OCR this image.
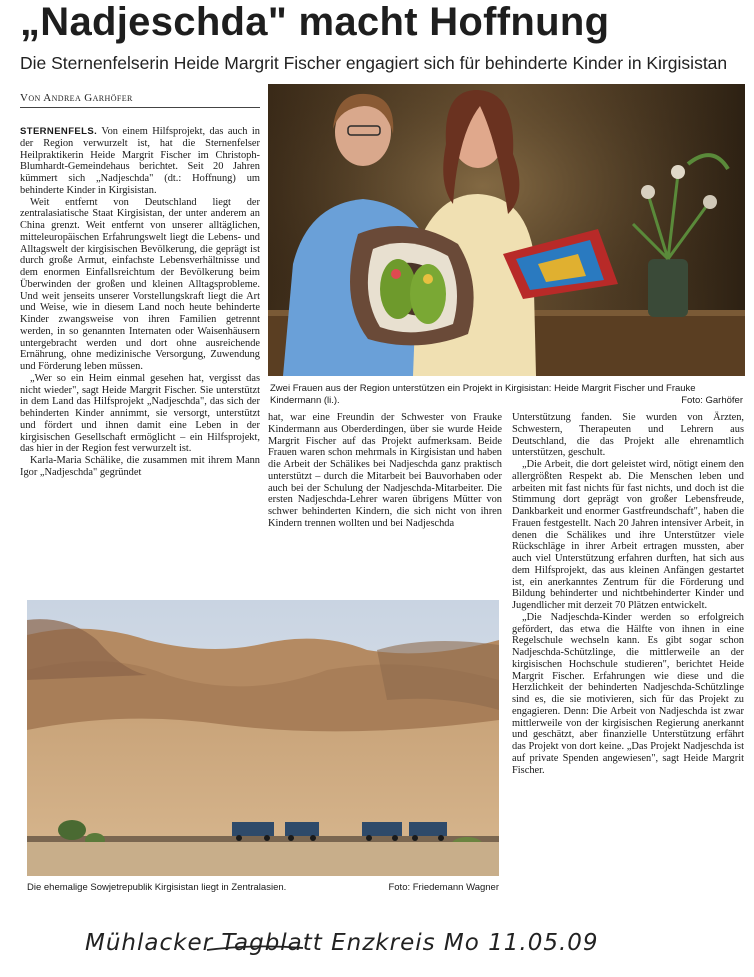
„Nadjeschda" macht Hoffnung
Die Sternenfelserin Heide Margrit Fischer engagiert sich für behinderte Kinder in Kirgisistan
Von Andrea Garhöfer

STERNENFELS. Von einem Hilfsprojekt, das auch in der Region verwurzelt ist, hat die Sternenfelser Heilpraktikerin Heide Margrit Fischer im Christoph-Blumhardt-Gemeindehaus berichtet. Seit 20 Jahren kümmert sich „Nadjeschda" (dt.: Hoffnung) um behinderte Kinder in Kirgisistan.

Weit entfernt von Deutschland liegt der zentralasiatische Staat Kirgisistan, der unter anderem an China grenzt. Weit entfernt von unserer alltäglichen, mitteleuropäischen Erfahrungswelt liegt die Lebens- und Alltagswelt der kirgisischen Bevölkerung, die geprägt ist durch große Armut, einfachste Lebensverhältnisse und dem enormen Einfallsreichtum der Bevölkerung beim Überwinden der großen und kleinen Alltagsprobleme. Und weit jenseits unserer Vorstellungskraft liegt die Art und Weise, wie in diesem Land noch heute behinderte Kinder zwangsweise von ihren Familien getrennt werden, in so genannten Internaten oder Waisenhäusern untergebracht werden und dort ohne ausreichende Ernährung, ohne medizinische Versorgung, Zuwendung und Förderung leben müssen.

„Wer so ein Heim einmal gesehen hat, vergisst das nicht wieder", sagt Heide Margrit Fischer. Sie unterstützt in dem Land das Hilfsprojekt „Nadjeschda", das sich der behinderten Kinder annimmt, sie versorgt, unterstützt und fördert und ihnen damit eine Leben in der kirgisischen Gesellschaft ermöglicht – ein Hilfsprojekt, das hier in der Region fest verwurzelt ist.

Karla-Maria Schälike, die zusammen mit ihrem Mann Igor „Nadjeschda" gegründet

Zwei Frauen aus der Region unterstützen ein Projekt in Kirgisistan: Heide Margrit Fischer und Frauke Kindermann (li.).	Foto: Garhöfer

hat, war eine Freundin der Schwester von Frauke Kindermann aus Oberderdingen, über sie wurde Heide Margrit Fischer auf das Projekt aufmerksam. Beide Frauen waren schon mehrmals in Kirgisistan und haben die Arbeit der Schälikes bei Nadjeschda ganz praktisch unterstützt – durch die Mitarbeit bei Bauvorhaben oder auch bei der Schulung der Nadjeschda-Mitarbeiter. Die ersten Nadjeschda-Lehrer waren übrigens Mütter von schwer behinderten Kindern, die sich nicht von ihren Kindern trennen wollten und bei Nadjeschda

Unterstützung fanden. Sie wurden von Ärzten, Schwestern, Therapeuten und Lehrern aus Deutschland, die das Projekt alle ehrenamtlich unterstützen, geschult.

„Die Arbeit, die dort geleistet wird, nötigt einem den allergrößten Respekt ab. Die Menschen leben und arbeiten mit fast nichts für fast nichts, und doch ist die Stimmung dort geprägt von großer Lebensfreude, Dankbarkeit und enormer Gastfreundschaft", haben die Frauen festgestellt. Nach 20 Jahren intensiver Arbeit, in denen die Schälikes und ihre Unterstützer viele Rückschläge in ihrer Arbeit ertragen mussten, aber auch viel Unterstützung erfahren durften, hat sich aus dem Hilfsprojekt, das aus kleinen Anfängen gestartet ist, ein anerkanntes Zentrum für die Förderung und Bildung behinderter und nichtbehinderter Kinder und Jugendlicher mit derzeit 70 Plätzen entwickelt.

„Die Nadjeschda-Kinder werden so erfolgreich gefördert, das etwa die Hälfte von ihnen in eine Regelschule wechseln kann. Es gibt sogar schon Nadjeschda-Schützlinge, die mittlerweile an der kirgisischen Hochschule studieren", berichtet Heide Margrit Fischer. Erfahrungen wie diese und die Herzlichkeit der behinderten Nadjeschda-Schützlinge sind es, die sie motivieren, sich für das Projekt zu engagieren. Denn: Die Arbeit von Nadjeschda ist zwar mittlerweile von der kirgisischen Regierung anerkannt und geschätzt, aber finanzielle Unterstützung erfährt das Projekt von dort keine. „Das Projekt Nadjeschda ist auf private Spenden angewiesen", sagt Heide Margrit Fischer.

Die ehemalige Sowjetrepublik Kirgisistan liegt in Zentralasien.	Foto: Friedemann Wagner
Mühlacker Tagblatt Enzkreis Mo 11.05.09
